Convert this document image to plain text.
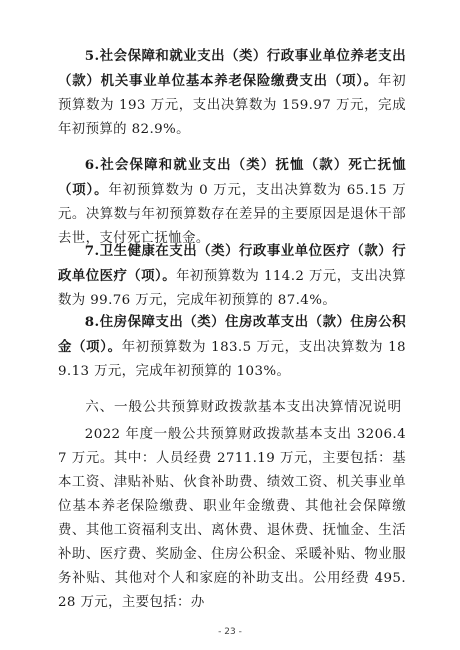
5.社会保障和就业支出（类）行政事业单位养老支出（款）机关事业单位基本养老保险缴费支出（项）。年初预算数为 193 万元，支出决算数为 159.97 万元，完成年初预算的 82.9%。

6.社会保障和就业支出（类）抚恤（款）死亡抚恤（项）。年初预算数为 0 万元，支出决算数为 65.15 万元。决算数与年初预算数存在差异的主要原因是退休干部去世，支付死亡抚恤金。

7.卫生健康在支出（类）行政事业单位医疗（款）行政单位医疗（项）。年初预算数为 114.2 万元，支出决算数为 99.76 万元，完成年初预算的 87.4%。

8.住房保障支出（类）住房改革支出（款）住房公积金（项）。年初预算数为 183.5 万元，支出决算数为 189.13 万元，完成年初预算的 103%。

六、一般公共预算财政拨款基本支出决算情况说明

2022 年度一般公共预算财政拨款基本支出 3206.47 万元。其中：人员经费 2711.19 万元，主要包括：基本工资、津贴补贴、伙食补助费、绩效工资、机关事业单位基本养老保险缴费、职业年金缴费、其他社会保障缴费、其他工资福利支出、离休费、退休费、抚恤金、生活补助、医疗费、奖励金、住房公积金、采暖补贴、物业服务补贴、其他对个人和家庭的补助支出。公用经费 495.28 万元，主要包括：办

- 23 -
